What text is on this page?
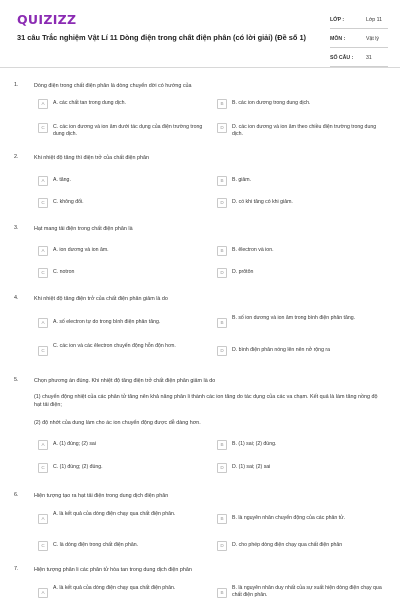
QUIZIZZ
31 câu Trắc nghiệm Vật Lí 11 Dòng điện trong chất điện phân (có lời giải) (Đề số 1)
LỚP :	Lớp 11
MÔN :	Vật lý
SỐ CÂU : 31
1.	Dòng điện trong chất điện phân là dòng chuyển dời có hướng của
A	A. các chất tan trong dung dịch.	B	B. các ion dương trong dung dịch.
C	C. các ion dương và ion âm dưới tác dụng của điện trường trong dung dịch.
D	D. các ion dương và ion âm theo chiều điện trường trong dung dịch.
2.	Khi nhiệt độ tăng thì điện trở của chất điện phân
A	A. tăng.	B	B. giảm.
C	C. không đổi.	D	D. có khi tăng có khi giảm.
3.	Hạt mang tải điện trong chất điện phân là
A	A. ion dương và ion âm.	B	B. êlectron và ion.
C	C. notron	D	D. prôtôn
4.	Khi nhiệt độ tăng điện trở của chất điện phân giảm là do
A	A. số electron tự do trong bình điện phân tăng.	B
B. số ion dương và ion âm trong bình điện phân tăng.
C
C. các ion và các êlectron chuyển động hỗn độn hơn.
D	D. bình điện phân nóng lên nên nở rộng ra
5.	Chọn phương án đúng. Khi nhiệt độ tăng điện trở chất điện phân giảm là do
(1) chuyển động nhiệt của các phân tử tăng nên khả năng phân li thành các ion tăng do tác dụng của các va chạm. Kết quả là làm tăng nồng độ hạt tải điện;
(2) độ nhớt của dung làm cho ác ion chuyển động được dễ dàng hơn.
A	A. (1) đúng; (2) sai	B	B. (1) sai; (2) đúng.
C	C. (1) đúng; (2) đúng.	D	D. (1) sai; (2) sai
6.	Hiện tượng tạo ra hạt tải điện trong dung dịch điện phân
A
A. là kết quả của dòng điện chạy qua chất điện phân.
B	B. là nguyên nhân chuyển động của các phân tử.
C	C. là dòng điện trong chất điện phân.	D	D. cho phép dòng điện chạy qua chất điện phân
7.	Hiện tượng phân li các phân tử hòa tan trong dung dịch điện phân
A
A. là kết quả của dòng điện chạy qua chất điện phân.
B
B. là nguyên nhân duy nhất của sự xuất hiện dòng điện chạy qua chất điện phân.
